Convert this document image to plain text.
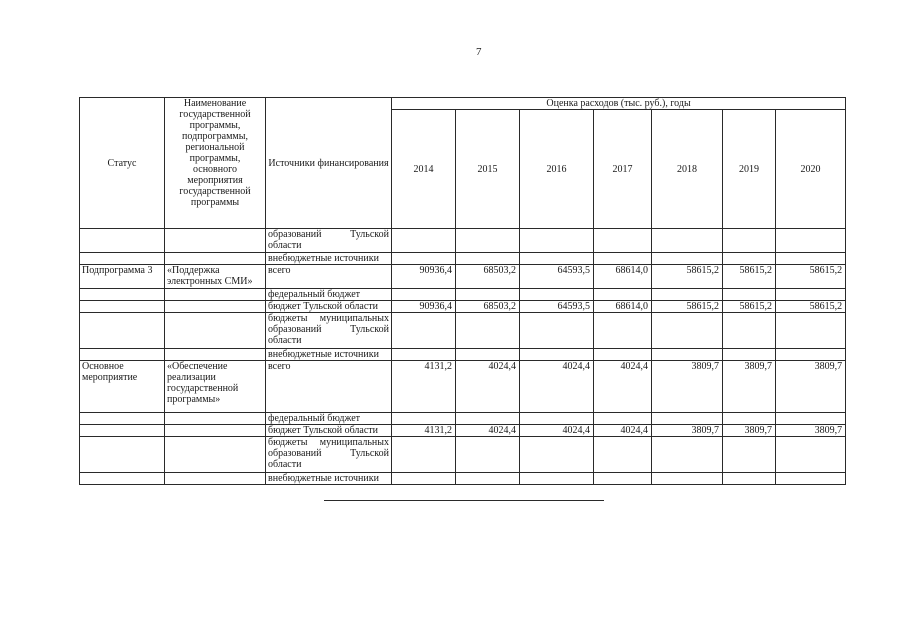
7
Статус	Наименование государственной программы, подпрограммы, региональной программы, основного мероприятия государственной программы	Источники финансирования	Оценка расходов (тыс. руб.), годы						
			2014	2015	2016	2017	2018	2019	2020
		образований Тульской области							
		внебюджетные источники							
Подпрограмма 3	«Поддержка электронных СМИ»	всего	90936,4	68503,2	64593,5	68614,0	58615,2	58615,2	58615,2
		федеральный бюджет							
		бюджет Тульской области	90936,4	68503,2	64593,5	68614,0	58615,2	58615,2	58615,2
		бюджеты муниципальных образований Тульской области							
		внебюджетные источники							
Основное мероприятие	«Обеспечение реализации государственной программы»	всего	4131,2	4024,4	4024,4	4024,4	3809,7	3809,7	3809,7
		федеральный бюджет							
		бюджет Тульской области	4131,2	4024,4	4024,4	4024,4	3809,7	3809,7	3809,7
		бюджеты муниципальных образований Тульской области							
		внебюджетные источники							
